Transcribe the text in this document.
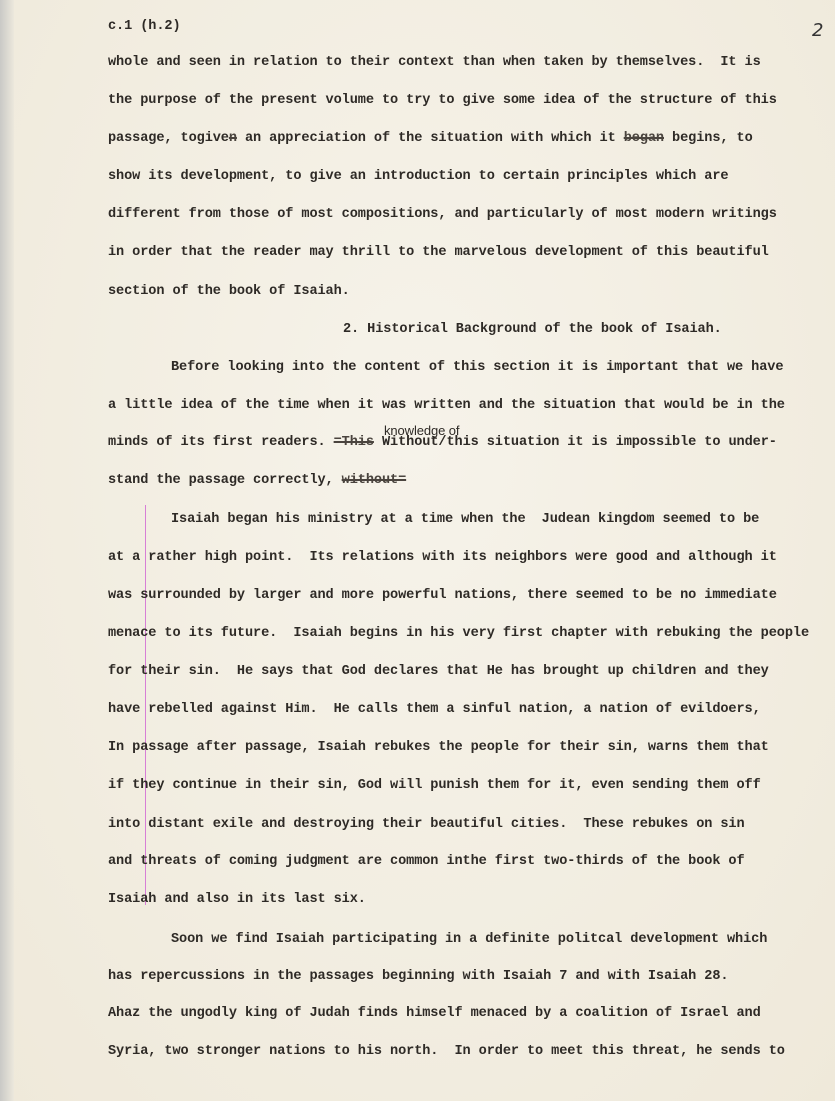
c.1 (h.2)	2
whole and seen in relation to their context than when taken by themselves.  It is
the purpose of the present volume to try to give some idea of the structure of this
passage, togiven an appreciation of the situation with which it began begins, to
show its development, to give an introduction to certain principles which are
different from those of most compositions, and particularly of most modern writings
in order that the reader may thrill to the marvelous development of this beautiful
section of the book of Isaiah.
2. Historical Background of the book of Isaiah.
Before looking into the content of this section it is important that we have
a little idea of the time when it was written and the situation that would be in the
minds of its first readers. =This Without
knowledge of
/this situation it is impossible to under-
stand the passage correctly, without=
Isaiah began his ministry at a time when the  Judean kingdom seemed to be
at a rather high point.  Its relations with its neighbors were good and although it
was surrounded by larger and more powerful nations, there seemed to be no immediate
menace to its future.  Isaiah begins in his very first chapter with rebuking the people
for their sin.  He says that God declares that He has brought up children and they
have rebelled against Him.  He calls them a sinful nation, a nation of evildoers,
In passage after passage, Isaiah rebukes the people for their sin, warns them that
if they continue in their sin, God will punish them for it, even sending them off
into distant exile and destroying their beautiful cities.  These rebukes on sin
and threats of coming judgment are common inthe first two-thirds of the book of
Isaiah and also in its last six.
Soon we find Isaiah participating in a definite politcal development which
has repercussions in the passages beginning with Isaiah 7 and with Isaiah 28.
Ahaz the ungodly king of Judah finds himself menaced by a coalition of Israel and
Syria, two stronger nations to his north.  In order to meet this threat, he sends to
